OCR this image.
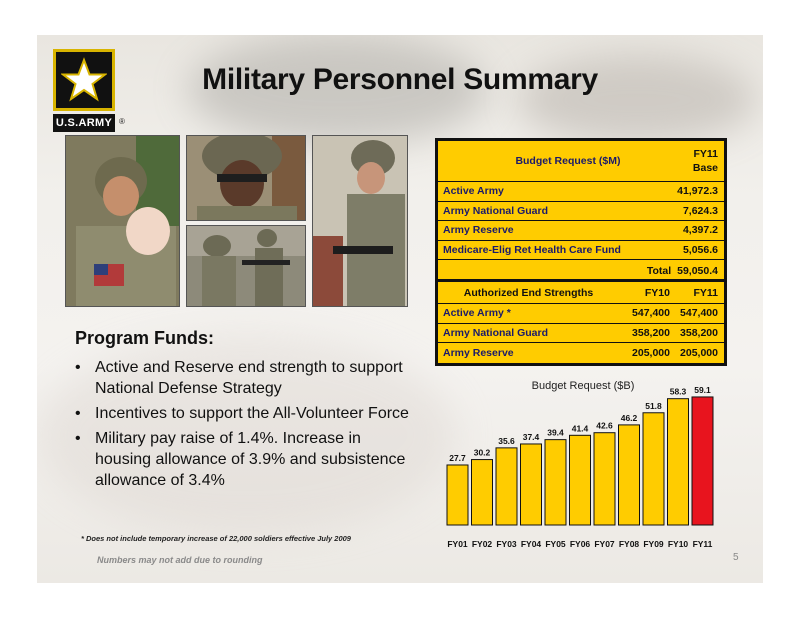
U.S.ARMY ®
Military Personnel Summary
Budget Request ($M)
FY11
Base
Active Army	41,972.3
Army National Guard	7,624.3
Army Reserve	4,397.2
Medicare-Elig Ret Health Care Fund	5,056.6
Total 59,050.4
Authorized End Strengths	FY10	FY11
Active Army *	547,400 547,400
Army National Guard	358,200 358,200
Army Reserve	205,000 205,000
Program Funds:
• Active and Reserve end strength to support National Defense Strategy
• Incentives to support the All-Volunteer Force
• Military pay raise of 1.4%. Increase in housing allowance of 3.9% and subsistence allowance of 3.4%
* Does not include temporary increase of 22,000 soldiers effective July 2009
Numbers may not add due to rounding	5
Budget Request ($B)
27.7
30.2
35.6 37.4 39.4 41.4 42.6
46.2
51.8
58.3 59.1
FY01 FY02 FY03 FY04 FY05 FY06 FY07 FY08 FY09 FY10 FY11
